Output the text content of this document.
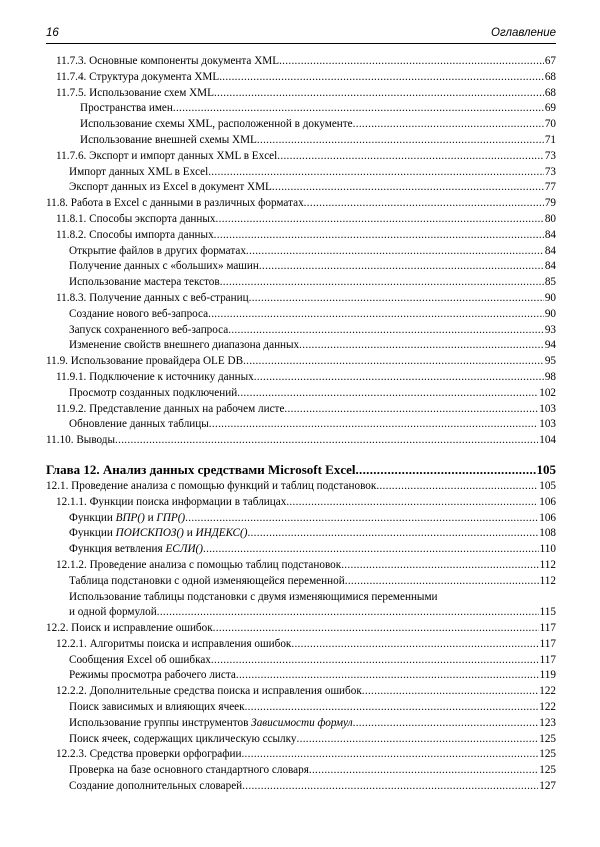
16	Оглавление
11.7.3. Основные компоненты документа XML .....	67
11.7.4. Структура документа XML .....	68
11.7.5. Использование схем XML .....	68
Пространства имен .....	69
Использование схемы XML, расположенной в документе .....	70
Использование внешней схемы XML .....	71
11.7.6. Экспорт и импорт данных XML в Excel .....	73
Импорт данных XML в Excel .....	73
Экспорт данных из Excel в документ XML .....	77
11.8. Работа в Excel с данными в различных форматах .....	79
11.8.1. Способы экспорта данных .....	80
11.8.2. Способы импорта данных .....	84
Открытие файлов в других форматах .....	84
Получение данных с «больших» машин .....	84
Использование мастера текстов .....	85
11.8.3. Получение данных с веб-страниц .....	90
Создание нового веб-запроса .....	90
Запуск сохраненного веб-запроса .....	93
Изменение свойств внешнего диапазона данных .....	94
11.9. Использование провайдера OLE DB .....	95
11.9.1. Подключение к источнику данных .....	98
Просмотр созданных подключений .....	102
11.9.2. Представление данных на рабочем листе .....	103
Обновление данных таблицы .....	103
11.10. Выводы .....	104
Глава 12. Анализ данных средствами Microsoft Excel .....	105
12.1. Проведение анализа с помощью функций и таблиц подстановок .....	105
12.1.1. Функции поиска информации в таблицах .....	106
Функции ВПР() и ГПР() .....	106
Функции ПОИСКПОЗ() и ИНДЕКС() .....	108
Функция ветвления ЕСЛИ() .....	110
12.1.2. Проведение анализа с помощью таблиц подстановок .....	112
Таблица подстановки с одной изменяющейся переменной .....	112
Использование таблицы подстановки с двумя изменяющимися переменными
и одной формулой .....	115
12.2. Поиск и исправление ошибок .....	117
12.2.1. Алгоритмы поиска и исправления ошибок .....	117
Сообщения Excel об ошибках .....	117
Режимы просмотра рабочего листа .....	119
12.2.2. Дополнительные средства поиска и исправления ошибок .....	122
Поиск зависимых и влияющих ячеек .....	122
Использование группы инструментов Зависимости формул .....	123
Поиск ячеек, содержащих циклическую ссылку .....	125
12.2.3. Средства проверки орфографии .....	125
Проверка на базе основного стандартного словаря .....	125
Создание дополнительных словарей .....	127
